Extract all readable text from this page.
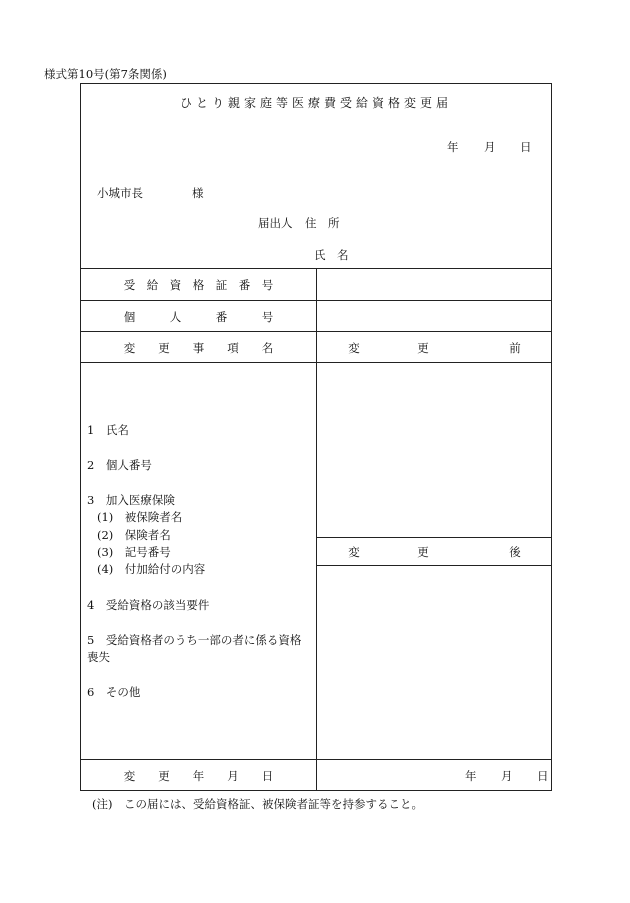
様式第10号(第7条関係)
ひとり親家庭等医療費受給資格変更届
年 月 日
小城市長	様
届出人 住　所
氏　名
受　給　資　格　証　番　号
個　　　人　　　番　　　号
変　　更　　事　　項　　名	変　　　　　更　　　　　　　前
変　　　　　更　　　　　　　後
1　氏名
2　個人番号
3　加入医療保険
(1)　被保険者名
(2)　保険者名
(3)　記号番号
(4)　付加給付の内容
4　受給資格の該当要件
5　受給資格者のうち一部の者に係る資格
喪失
6　その他
変　　更　　年　　月　　日	年 月 日
(注)　この届には、受給資格証、被保険者証等を持参すること。
